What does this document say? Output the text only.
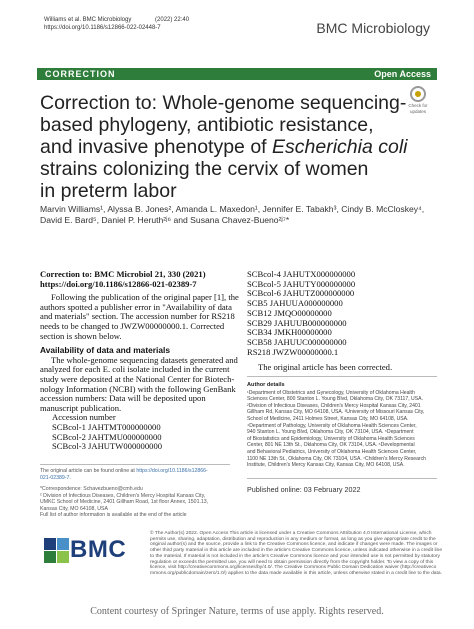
Williams et al. BMC Microbiology	(2022) 22:40
https://doi.org/10.1186/s12866-022-02448-7	BMC Microbiology
CORRECTION	Open Access
Check for
updates
Correction to: Whole-genome sequencing-
based phylogeny, antibiotic resistance,
and invasive phenotype of Escherichia coli
strains colonizing the cervix of women
in preterm labor
Marvin Williams¹, Alyssa B. Jones², Amanda L. Maxedon¹, Jennifer E. Tabakh³, Cindy B. McCloskey⁴,
David E. Bard⁵, Daniel P. Heruth²ʲ⁶ and Susana Chavez-Bueno²ʲ⁷*
Correction to: BMC Microbiol 21, 330 (2021)
https://doi.org/10.1186/s12866-021-02389-7
Following the publication of the original paper [1], the
authors spotted a publisher error in "Availability of data
and materials" section. The accession number for RS218
needs to be changed to JWZW00000000.1. Corrected
section is shown below.
Availability of data and materials
The whole-genome sequencing datasets generated and
analyzed for each E. coli isolate included in the current
study were deposited at the National Center for Biotech-
nology Information (NCBI) with the following GenBank
accession numbers: Data will be deposited upon
manuscript publication.
Accession number
SCBcol-1 JAHTMT000000000
SCBcol-2 JAHTMU000000000
SCBcol-3 JAHUTW000000000
SCBcol-4 JAHUTX000000000
SCBcol-5 JAHUTY000000000
SCBcol-6 JAHUTZ000000000
SCB5 JAHUUA000000000
SCB12 JMQO00000000
SCB29 JAHUUB000000000
SCB34 JMKH00000000
SCB58 JAHUUC000000000
RS218 JWZW00000000.1
The original article has been corrected.
Author details
¹Department of Obstetrics and Gynecology, University of Oklahoma Health
Sciences Center, 800 Stanton L. Young Blvd, Oklahoma City, OK 73117, USA.
²Division of Infectious Diseases, Children's Mercy Hospital Kansas City, 2401
Gillham Rd, Kansas City, MO 64108, USA. ³University of Missouri Kansas City,
School of Medicine, 2411 Holmes Street, Kansas City, MO 64108, USA.
⁴Department of Pathology, University of Oklahoma Health Sciences Center,
940 Stanton L. Young Blvd, Oklahoma City, OK 73104, USA. ⁵Department
of Biostatistics and Epidemiology, University of Oklahoma Health Sciences
Center, 801 NE 13th St., Oklahoma City, OK 73104, USA. ⁶Developmental
and Behavioral Pediatrics, University of Oklahoma Health Sciences Center,
1100 NE 13th St., Oklahoma City, OK 73104, USA. ⁷Children's Mercy Research
Institute, Children's Mercy Kansas City, Kansas City, MO 64108, USA.
Published online: 03 February 2022
The original article can be found online at https://doi.org/10.1186/s12866-
021-02389-7.
*Correspondence: Schavezbueno@cmh.edu
² Division of Infectious Diseases, Children's Mercy Hospital Kansas City,
UMKC School of Medicine, 2401 Gillham Road, 1st floor Annex, 1501.13,
Kansas City, MO 64108, USA
Full list of author information is available at the end of the article
BMC
© The Author(s) 2022. Open Access This article is licensed under a Creative Commons Attribution 4.0 International License, which
permits use, sharing, adaptation, distribution and reproduction in any medium or format, as long as you give appropriate credit to the
original author(s) and the source, provide a link to the Creative Commons licence, and indicate if changes were made. The images or
other third party material in this article are included in the article's Creative Commons licence, unless indicated otherwise in a credit line
to the material. If material is not included in the article's Creative Commons licence and your intended use is not permitted by statutory
regulation or exceeds the permitted use, you will need to obtain permission directly from the copyright holder. To view a copy of this
licence, visit http://creativecommons.org/licenses/by/4.0/. The Creative Commons Public Domain Dedication waiver (http://creativeco
mmons.org/publicdomain/zero/1.0/) applies to the data made available in this article, unless otherwise stated in a credit line to the data.
Content courtesy of Springer Nature, terms of use apply. Rights reserved.
